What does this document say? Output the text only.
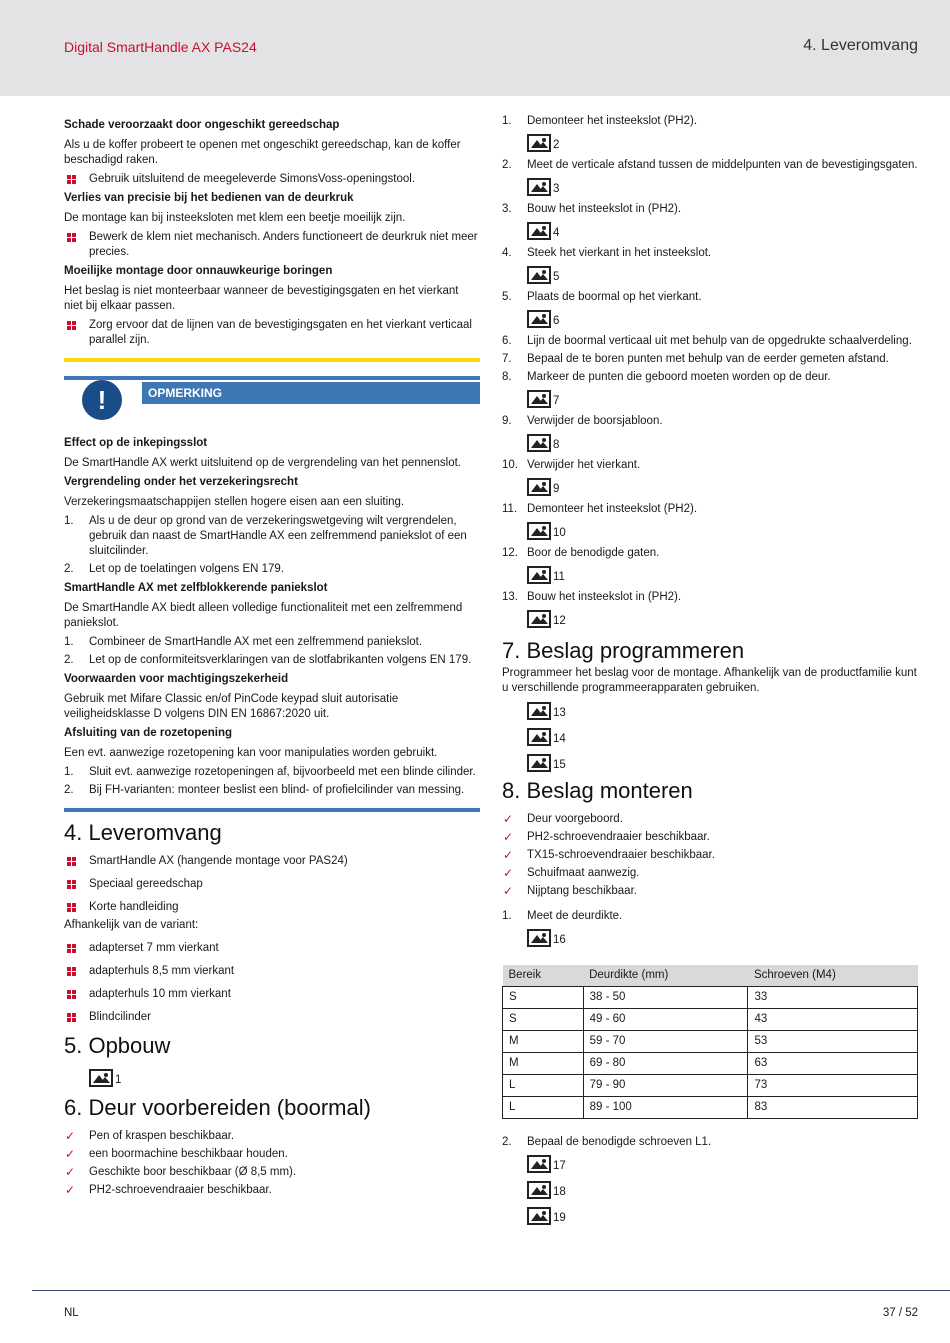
Digital SmartHandle AX PAS24	4. Leveromvang
Schade veroorzaakt door ongeschikt gereedschap
Als u de koffer probeert te openen met ongeschikt gereedschap, kan de koffer beschadigd raken.
Gebruik uitsluitend de meegeleverde SimonsVoss-openingstool.
Verlies van precisie bij het bedienen van de deurkruk
De montage kan bij insteeksloten met klem een beetje moeilijk zijn.
Bewerk de klem niet mechanisch. Anders functioneert de deurkruk niet meer precies.
Moeilijke montage door onnauwkeurige boringen
Het beslag is niet monteerbaar wanneer de bevestigingsgaten en het vierkant niet bij elkaar passen.
Zorg ervoor dat de lijnen van de bevestigingsgaten en het vierkant verticaal parallel zijn.
!	OPMERKING
Effect op de inkepingsslot
De SmartHandle AX werkt uitsluitend op de vergrendeling van het pennenslot.
Vergrendeling onder het verzekeringsrecht
Verzekeringsmaatschappijen stellen hogere eisen aan een sluiting.
1. Als u de deur op grond van de verzekeringswetgeving wilt vergrendelen, gebruik dan naast de SmartHandle AX een zelfremmend paniekslot of een sluitcilinder.
2. Let op de toelatingen volgens EN 179.
SmartHandle AX met zelfblokkerende paniekslot
De SmartHandle AX biedt alleen volledige functionaliteit met een zelfremmend paniekslot.
1. Combineer de SmartHandle AX met een zelfremmend paniekslot.
2. Let op de conformiteitsverklaringen van de slotfabrikanten volgens EN 179.
Voorwaarden voor machtigingszekerheid
Gebruik met Mifare Classic en/of PinCode keypad sluit autorisatie veiligheidsklasse D volgens DIN EN 16867:2020 uit.
Afsluiting van de rozetopening
Een evt. aanwezige rozetopening kan voor manipulaties worden gebruikt.
1. Sluit evt. aanwezige rozetopeningen af, bijvoorbeeld met een blinde cilinder.
2. Bij FH-varianten: monteer beslist een blind- of profielcilinder van messing.
4. Leveromvang
SmartHandle AX (hangende montage voor PAS24)
Speciaal gereedschap
Korte handleiding
Afhankelijk van de variant:
adapterset 7 mm vierkant
adapterhuls 8,5 mm vierkant
adapterhuls 10 mm vierkant
Blindcilinder
5. Opbouw
1
6. Deur voorbereiden (boormal)
✓ Pen of kraspen beschikbaar.
✓ een boormachine beschikbaar houden.
✓ Geschikte boor beschikbaar (Ø 8,5 mm).
✓ PH2-schroevendraaier beschikbaar.
1. Demonteer het insteekslot (PH2).
2
2. Meet de verticale afstand tussen de middelpunten van de bevestigingsgaten.
3
3. Bouw het insteekslot in (PH2).
4
4. Steek het vierkant in het insteekslot.
5
5. Plaats de boormal op het vierkant.
6
6. Lijn de boormal verticaal uit met behulp van de opgedrukte schaalverdeling.
7. Bepaal de te boren punten met behulp van de eerder gemeten afstand.
8. Markeer de punten die geboord moeten worden op de deur.
7
9. Verwijder de boorsjabloon.
8
10. Verwijder het vierkant.
9
11. Demonteer het insteekslot (PH2).
10
12. Boor de benodigde gaten.
11
13. Bouw het insteekslot in (PH2).
12
7. Beslag programmeren
Programmeer het beslag voor de montage. Afhankelijk van de productfamilie kunt u verschillende programmeerapparaten gebruiken.
13
14
15
8. Beslag monteren
✓ Deur voorgeboord.
✓ PH2-schroevendraaier beschikbaar.
✓ TX15-schroevendraaier beschikbaar.
✓ Schuifmaat aanwezig.
✓ Nijptang beschikbaar.
1. Meet de deurdikte.
16
Bereik	Deurdikte (mm)	Schroeven (M4)
S	38 - 50	33
S	49 - 60	43
M	59 - 70	53
M	69 - 80	63
L	79 - 90	73
L	89 - 100	83
2. Bepaal de benodigde schroeven L1.
17
18
19
NL	37 / 52
